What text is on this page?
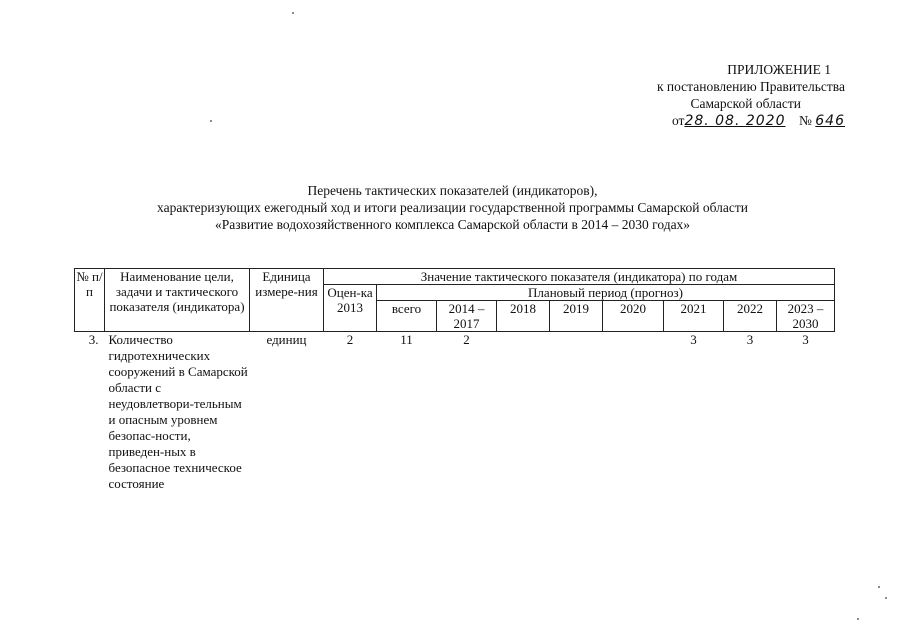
ПРИЛОЖЕНИЕ 1
к постановлению Правительства
Самарской области
от28. 08. 2020 № 646
Перечень тактических показателей (индикаторов),
характеризующих ежегодный ход и итоги реализации государственной программы Самарской области
«Развитие водохозяйственного комплекса Самарской области в 2014 – 2030 годах»
№ п/п	Наименование цели, задачи и тактического показателя (индикатора)	Единица измере-ния	Значение тактического показателя (индикатора) по годам								
			Оцен-ка 2013	Плановый период (прогноз)							
				всего	2014 – 2017	2018	2019	2020	2021	2022	2023 – 2030
3.	Количество гидротехнических сооружений в Самарской области с неудовлетвори-тельным и опасным уровнем безопас-ности, приведен-ных в безопасное техническое состояние	единиц	2	11	2				3	3	3
